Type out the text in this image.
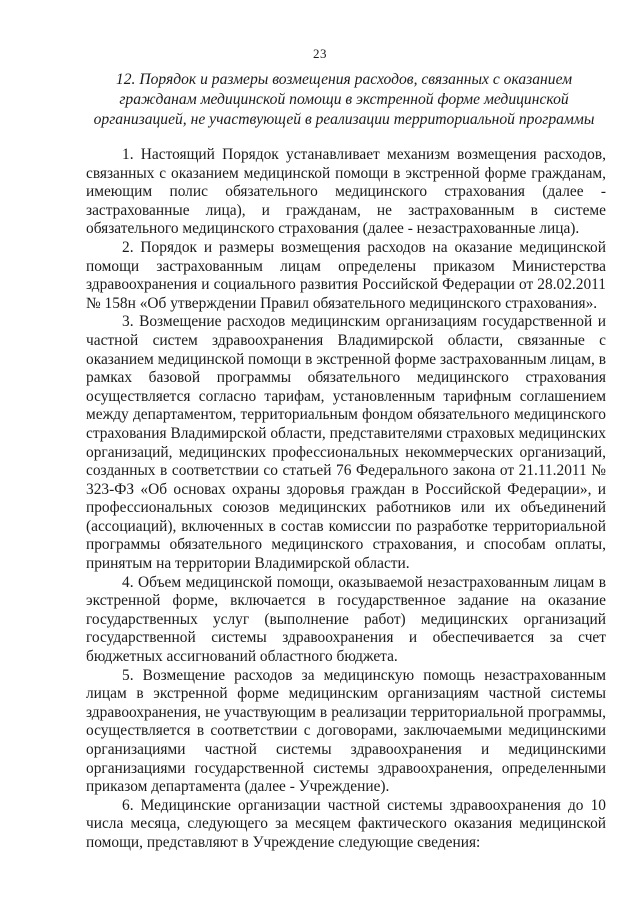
23
12. Порядок и размеры возмещения расходов, связанных с оказанием гражданам медицинской помощи в экстренной форме медицинской организацией, не участвующей в реализации территориальной программы

1. Настоящий Порядок устанавливает механизм возмещения расходов, связанных с оказанием медицинской помощи в экстренной форме гражданам, имеющим полис обязательного медицинского страхования (далее - застрахованные лица), и гражданам, не застрахованным в системе обязательного медицинского страхования (далее - незастрахованные лица).

2. Порядок и размеры возмещения расходов на оказание медицинской помощи застрахованным лицам определены приказом Министерства здравоохранения и социального развития Российской Федерации от 28.02.2011 № 158н «Об утверждении Правил обязательного медицинского страхования».

3. Возмещение расходов медицинским организациям государственной и частной систем здравоохранения Владимирской области, связанные с оказанием медицинской помощи в экстренной форме застрахованным лицам, в рамках базовой программы обязательного медицинского страхования осуществляется согласно тарифам, установленным тарифным соглашением между департаментом, территориальным фондом обязательного медицинского страхования Владимирской области, представителями страховых медицинских организаций, медицинских профессиональных некоммерческих организаций, созданных в соответствии со статьей 76 Федерального закона от 21.11.2011 № 323-ФЗ «Об основах охраны здоровья граждан в Российской Федерации», и профессиональных союзов медицинских работников или их объединений (ассоциаций), включенных в состав комиссии по разработке территориальной программы обязательного медицинского страхования, и способам оплаты, принятым на территории Владимирской области.

4. Объем медицинской помощи, оказываемой незастрахованным лицам в экстренной форме, включается в государственное задание на оказание государственных услуг (выполнение работ) медицинских организаций государственной системы здравоохранения и обеспечивается за счет бюджетных ассигнований областного бюджета.

5. Возмещение расходов за медицинскую помощь незастрахованным лицам в экстренной форме медицинским организациям частной системы здравоохранения, не участвующим в реализации территориальной программы, осуществляется в соответствии с договорами, заключаемыми медицинскими организациями частной системы здравоохранения и медицинскими организациями государственной системы здравоохранения, определенными приказом департамента (далее - Учреждение).

6. Медицинские организации частной системы здравоохранения до 10 числа месяца, следующего за месяцем фактического оказания медицинской помощи, представляют в Учреждение следующие сведения:
